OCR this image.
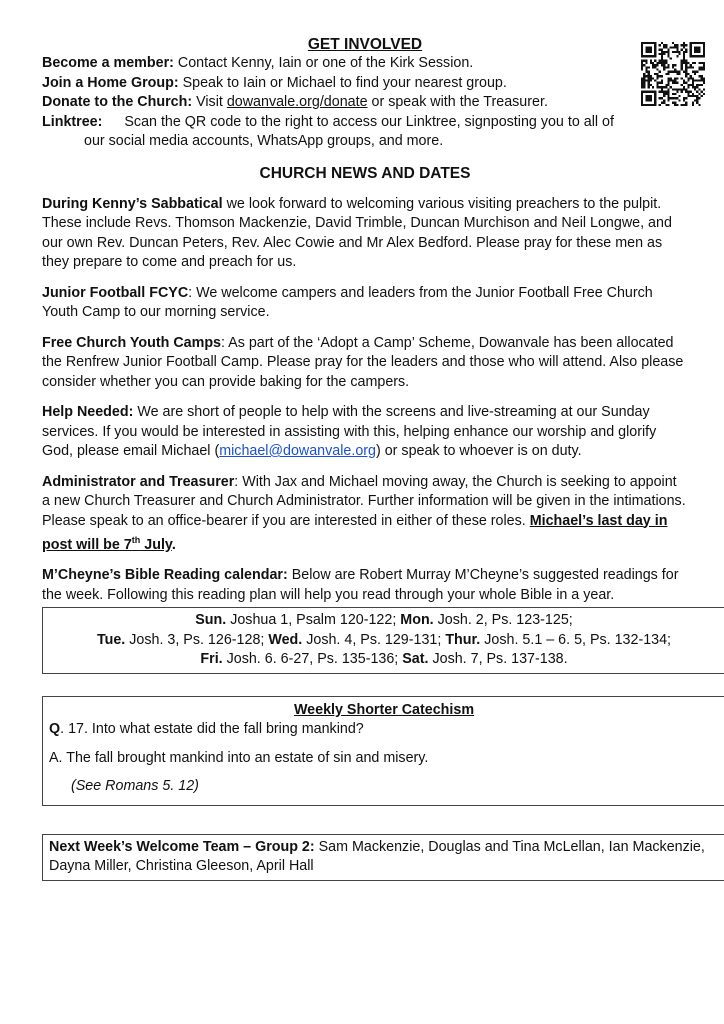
GET INVOLVED

Become a member: Contact Kenny, Iain or one of the Kirk Session.

Join a Home Group: Speak to Iain or Michael to find your nearest group.

Donate to the Church: Visit dowanvale.org/donate or speak with the Treasurer.

Linktree: Scan the QR code to the right to access our Linktree, signposting you to all of

our social media accounts, WhatsApp groups, and more.

CHURCH NEWS AND DATES

During Kenny’s Sabbatical we look forward to welcoming various visiting preachers to the pulpit. These include Revs. Thomson Mackenzie, David Trimble, Duncan Murchison and Neil Longwe, and our own Rev. Duncan Peters, Rev. Alec Cowie and Mr Alex Bedford. Please pray for these men as they prepare to come and preach for us.

Junior Football FCYC: We welcome campers and leaders from the Junior Football Free Church Youth Camp to our morning service.

Free Church Youth Camps: As part of the ‘Adopt a Camp’ Scheme, Dowanvale has been allocated the Renfrew Junior Football Camp. Please pray for the leaders and those who will attend. Also please consider whether you can provide baking for the campers.

Help Needed: We are short of people to help with the screens and live-streaming at our Sunday services. If you would be interested in assisting with this, helping enhance our worship and glorify God, please email Michael (michael@dowanvale.org) or speak to whoever is on duty.

Administrator and Treasurer: With Jax and Michael moving away, the Church is seeking to appoint a new Church Treasurer and Church Administrator. Further information will be given in the intimations. Please speak to an office-bearer if you are interested in either of these roles. Michael’s last day in post will be 7th July.

M’Cheyne’s Bible Reading calendar: Below are Robert Murray M’Cheyne’s suggested readings for the week. Following this reading plan will help you read through your whole Bible in a year.

Sun. Joshua 1, Psalm 120-122; Mon. Josh. 2, Ps. 123-125;
Tue. Josh. 3, Ps. 126-128; Wed. Josh. 4, Ps. 129-131; Thur. Josh. 5.1 – 6. 5, Ps. 132-134;
Fri. Josh. 6. 6-27, Ps. 135-136; Sat. Josh. 7, Ps. 137-138.
Weekly Shorter Catechism
Q. 17. Into what estate did the fall bring mankind?
A. The fall brought mankind into an estate of sin and misery.
(See Romans 5. 12)
Next Week’s Welcome Team – Group 2: Sam Mackenzie, Douglas and Tina McLellan, Ian Mackenzie, Dayna Miller, Christina Gleeson, April Hall
